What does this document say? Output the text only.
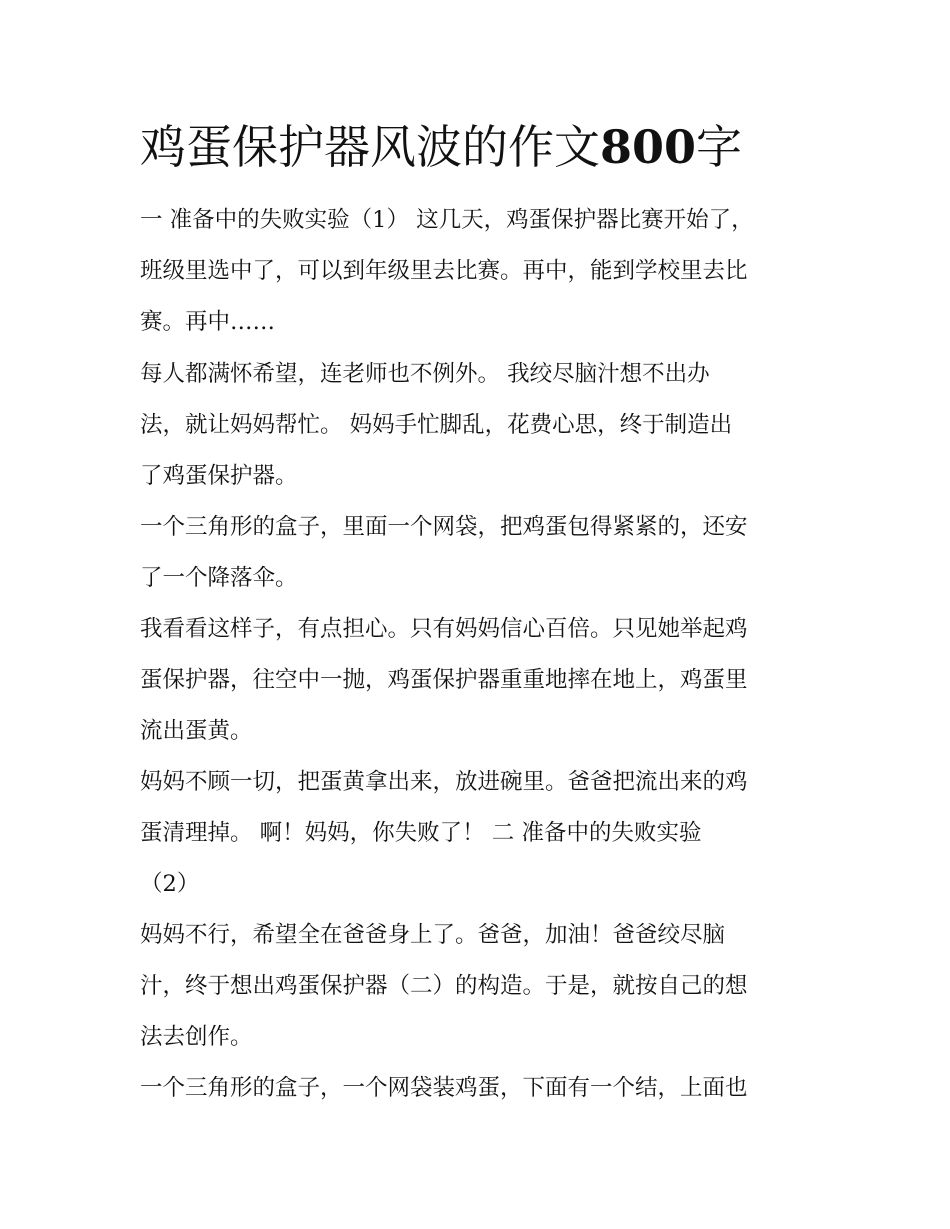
鸡蛋保护器风波的作文800字

一 准备中的失败实验（1） 这几天，鸡蛋保护器比赛开始了，

班级里选中了，可以到年级里去比赛。再中，能到学校里去比

赛。再中……

每人都满怀希望，连老师也不例外。 我绞尽脑汁想不出办

法，就让妈妈帮忙。 妈妈手忙脚乱，花费心思，终于制造出

了鸡蛋保护器。

一个三角形的盒子，里面一个网袋，把鸡蛋包得紧紧的，还安

了一个降落伞。

我看看这样子，有点担心。只有妈妈信心百倍。只见她举起鸡

蛋保护器，往空中一抛，鸡蛋保护器重重地摔在地上，鸡蛋里

流出蛋黄。

妈妈不顾一切，把蛋黄拿出来，放进碗里。爸爸把流出来的鸡

蛋清理掉。 啊！妈妈，你失败了！ 二 准备中的失败实验

（2）

妈妈不行，希望全在爸爸身上了。爸爸，加油！爸爸绞尽脑

汁，终于想出鸡蛋保护器（二）的构造。于是，就按自己的想

法去创作。

一个三角形的盒子，一个网袋装鸡蛋，下面有一个结，上面也
